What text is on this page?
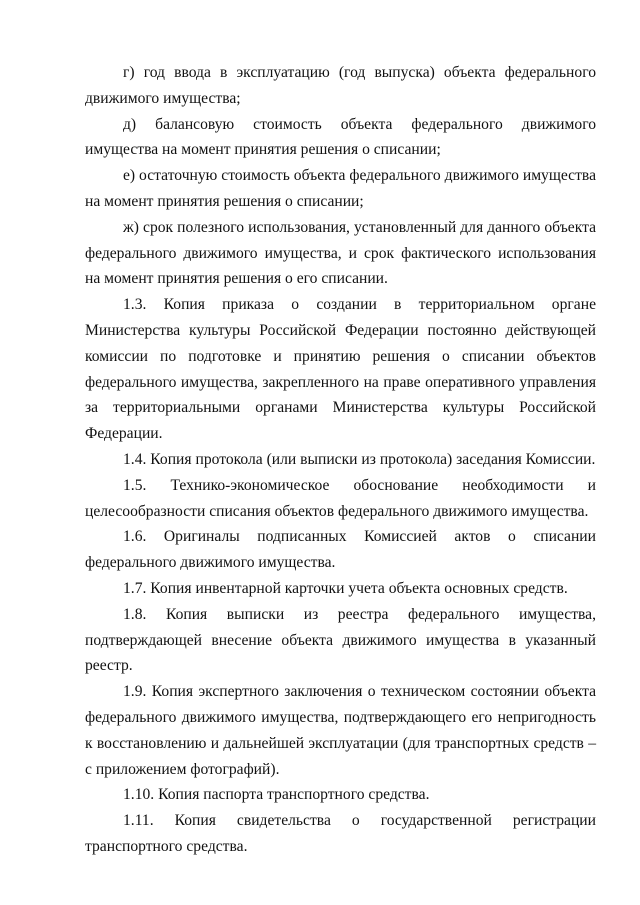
г) год ввода в эксплуатацию (год выпуска) объекта федерального движимого имущества;

д) балансовую стоимость объекта федерального движимого имущества на момент принятия решения о списании;

е) остаточную стоимость объекта федерального движимого имущества на момент принятия решения о списании;

ж) срок полезного использования, установленный для данного объекта федерального движимого имущества, и срок фактического использования на момент принятия решения о его списании.

1.3. Копия приказа о создании в территориальном органе Министерства культуры Российской Федерации постоянно действующей комиссии по подготовке и принятию решения о списании объектов федерального имущества, закрепленного на праве оперативного управления за территориальными органами Министерства культуры Российской Федерации.

1.4. Копия протокола (или выписки из протокола) заседания Комиссии.

1.5. Технико-экономическое обоснование необходимости и целесообразности списания объектов федерального движимого имущества.

1.6. Оригиналы подписанных Комиссией актов о списании федерального движимого имущества.

1.7. Копия инвентарной карточки учета объекта основных средств.

1.8. Копия выписки из реестра федерального имущества, подтверждающей внесение объекта движимого имущества в указанный реестр.

1.9. Копия экспертного заключения о техническом состоянии объекта федерального движимого имущества, подтверждающего его непригодность к восстановлению и дальнейшей эксплуатации (для транспортных средств – с приложением фотографий).

1.10. Копия паспорта транспортного средства.

1.11. Копия свидетельства о государственной регистрации транспортного средства.
